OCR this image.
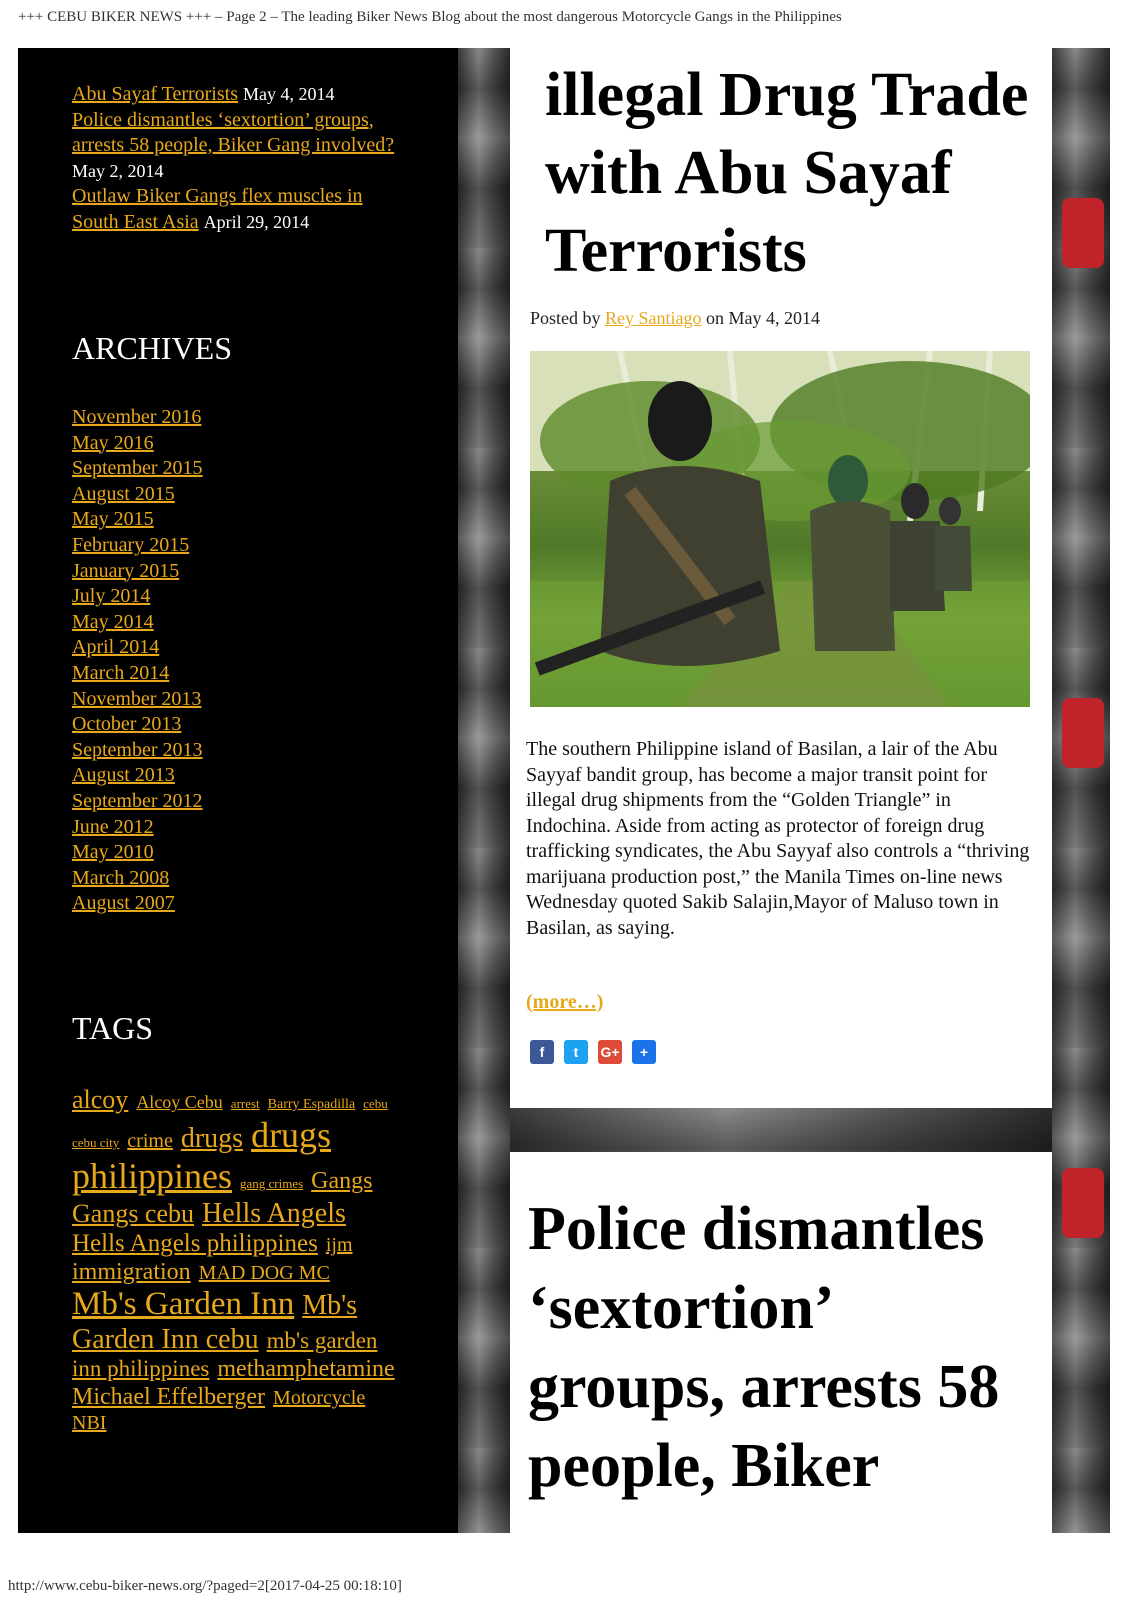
+++ CEBU BIKER NEWS +++ – Page 2 – The leading Biker News Blog about the most dangerous Motorcycle Gangs in the Philippines
Abu Sayaf Terrorists May 4, 2014
Police dismantles ‘sextortion’ groups, arrests 58 people, Biker Gang involved? May 2, 2014
Outlaw Biker Gangs flex muscles in South East Asia April 29, 2014
ARCHIVES
November 2016
May 2016
September 2015
August 2015
May 2015
February 2015
January 2015
July 2014
May 2014
April 2014
March 2014
November 2013
October 2013
September 2013
August 2013
September 2012
June 2012
May 2010
March 2008
August 2007
TAGS
alcoy Alcoy Cebu arrest Barry Espadilla cebu cebu city crime drugs drugs philippines gang crimes Gangs Gangs cebu Hells Angels Hells Angels philippines ijm immigration MAD DOG MC Mb's Garden Inn Mb's Garden Inn cebu mb's garden inn philippines methamphetamine Michael Effelberger Motorcycle NBI
illegal Drug Trade with Abu Sayaf Terrorists
Posted by Rey Santiago on May 4, 2014

The southern Philippine island of Basilan, a lair of the Abu Sayyaf bandit group, has become a major transit point for illegal drug shipments from the “Golden Triangle” in Indochina. Aside from acting as protector of foreign drug trafficking syndicates, the Abu Sayyaf also controls a “thriving marijuana production post,” the Manila Times on-line news Wednesday quoted Sakib Salajin,Mayor of Maluso town in Basilan, as saying.

(more…)
f	t	G+	+
Police dismantles ‘sextortion’ groups, arrests 58 people, Biker
http://www.cebu-biker-news.org/?paged=2[2017-04-25 00:18:10]
